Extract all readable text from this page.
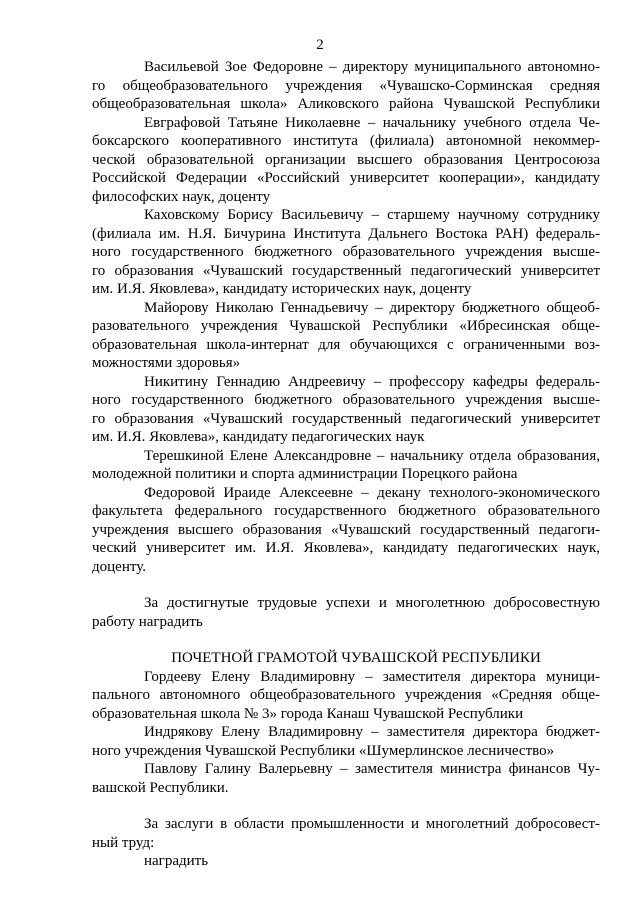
2
Васильевой Зое Федоровне – директору муниципального автономно-
го общеобразовательного учреждения «Чувашско-Сорминская средняя
общеобразовательная школа» Аликовского района Чувашской Республики
Евграфовой Татьяне Николаевне – начальнику учебного отдела Че-
боксарского кооперативного института (филиала) автономной некоммер-
ческой образовательной организации высшего образования Центросоюза
Российской Федерации «Российский университет кооперации», кандидату
философских наук, доценту
Каховскому Борису Васильевичу – старшему научному сотруднику
(филиала им. Н.Я. Бичурина Института Дальнего Востока РАН) федераль-
ного государственного бюджетного образовательного учреждения высше-
го образования «Чувашский государственный педагогический университет
им. И.Я. Яковлева», кандидату исторических наук, доценту
Майорову Николаю Геннадьевичу – директору бюджетного общеоб-
разовательного учреждения Чувашской Республики «Ибресинская обще-
образовательная школа-интернат для обучающихся с ограниченными воз-
можностями здоровья»
Никитину Геннадию Андреевичу – профессору кафедры федераль-
ного государственного бюджетного образовательного учреждения высше-
го образования «Чувашский государственный педагогический университет
им. И.Я. Яковлева», кандидату педагогических наук
Терешкиной Елене Александровне – начальнику отдела образования,
молодежной политики и спорта администрации Порецкого района
Федоровой Ираиде Алексеевне – декану технолого-экономического
факультета федерального государственного бюджетного образовательного
учреждения высшего образования «Чувашский государственный педагоги-
ческий университет им. И.Я. Яковлева», кандидату педагогических наук,
доценту.
За достигнутые трудовые успехи и многолетнюю добросовестную
работу наградить
ПОЧЕТНОЙ ГРАМОТОЙ ЧУВАШСКОЙ РЕСПУБЛИКИ
Гордееву Елену Владимировну – заместителя директора муници-
пального автономного общеобразовательного учреждения «Средняя обще-
образовательная школа № 3» города Канаш Чувашской Республики
Индрякову Елену Владимировну – заместителя директора бюджет-
ного учреждения Чувашской Республики «Шумерлинское лесничество»
Павлову Галину Валерьевну – заместителя министра финансов Чу-
вашской Республики.
За заслуги в области промышленности и многолетний добросовест-
ный труд:
наградить
